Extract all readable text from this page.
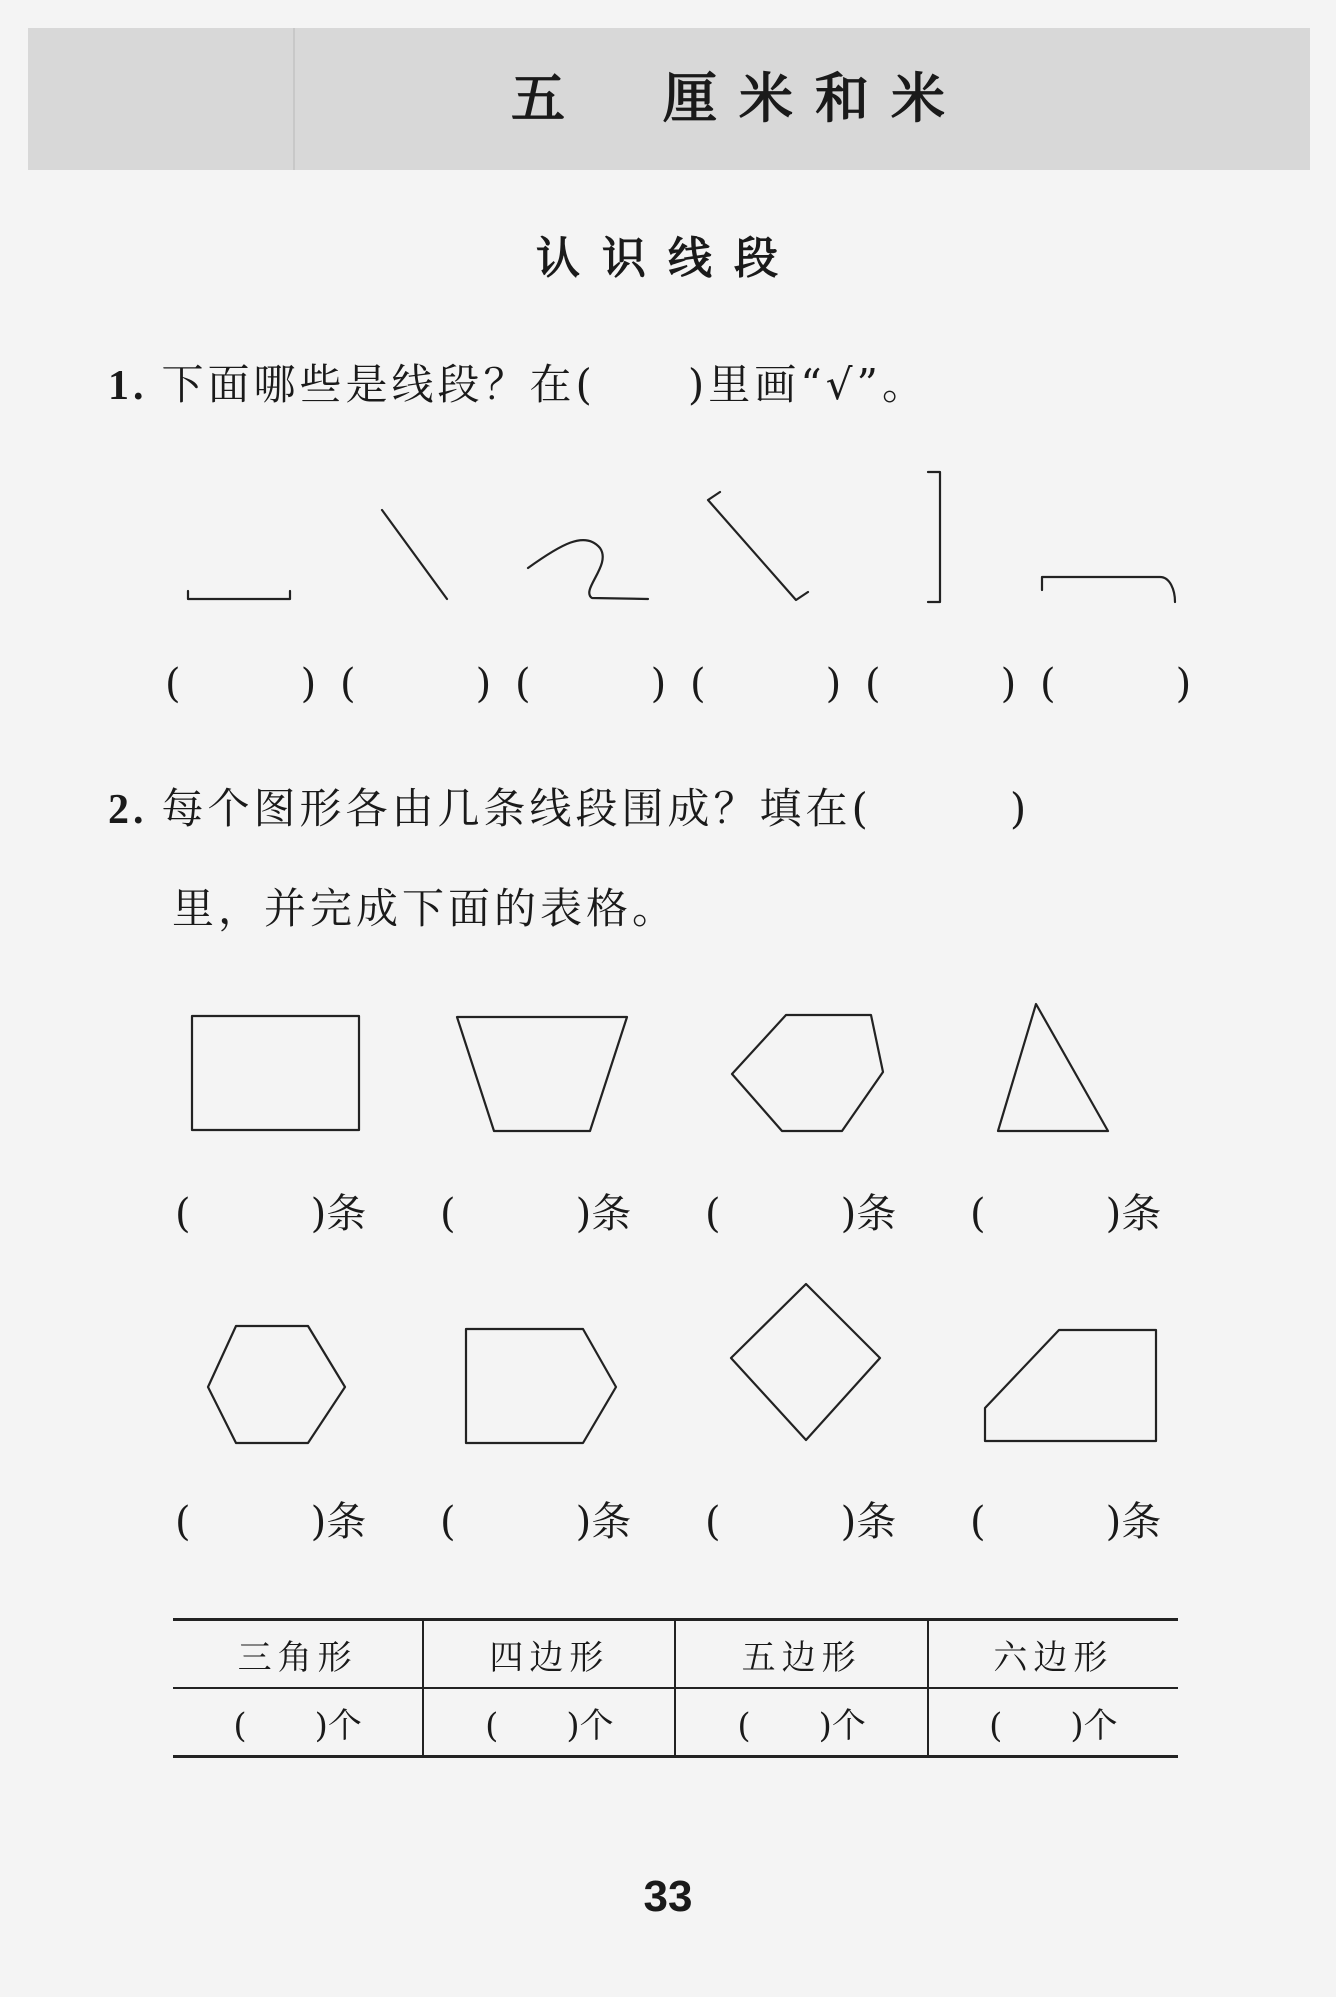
五　厘米和米
认识线段
1. 下面哪些是线段？在(　　)里画“√”。
(　　　) (　　　) (　　　) (　　　) (　　　) (　　　)
2. 每个图形各由几条线段围成？填在(　　　)
里，并完成下面的表格。
(　　　)条 (　　　)条 (　　　)条 (　　　)条
(　　　)条 (　　　)条 (　　　)条 (　　　)条
三角形	四边形	五边形	六边形
(　　)个	(　　)个	(　　)个	(　　)个
33
